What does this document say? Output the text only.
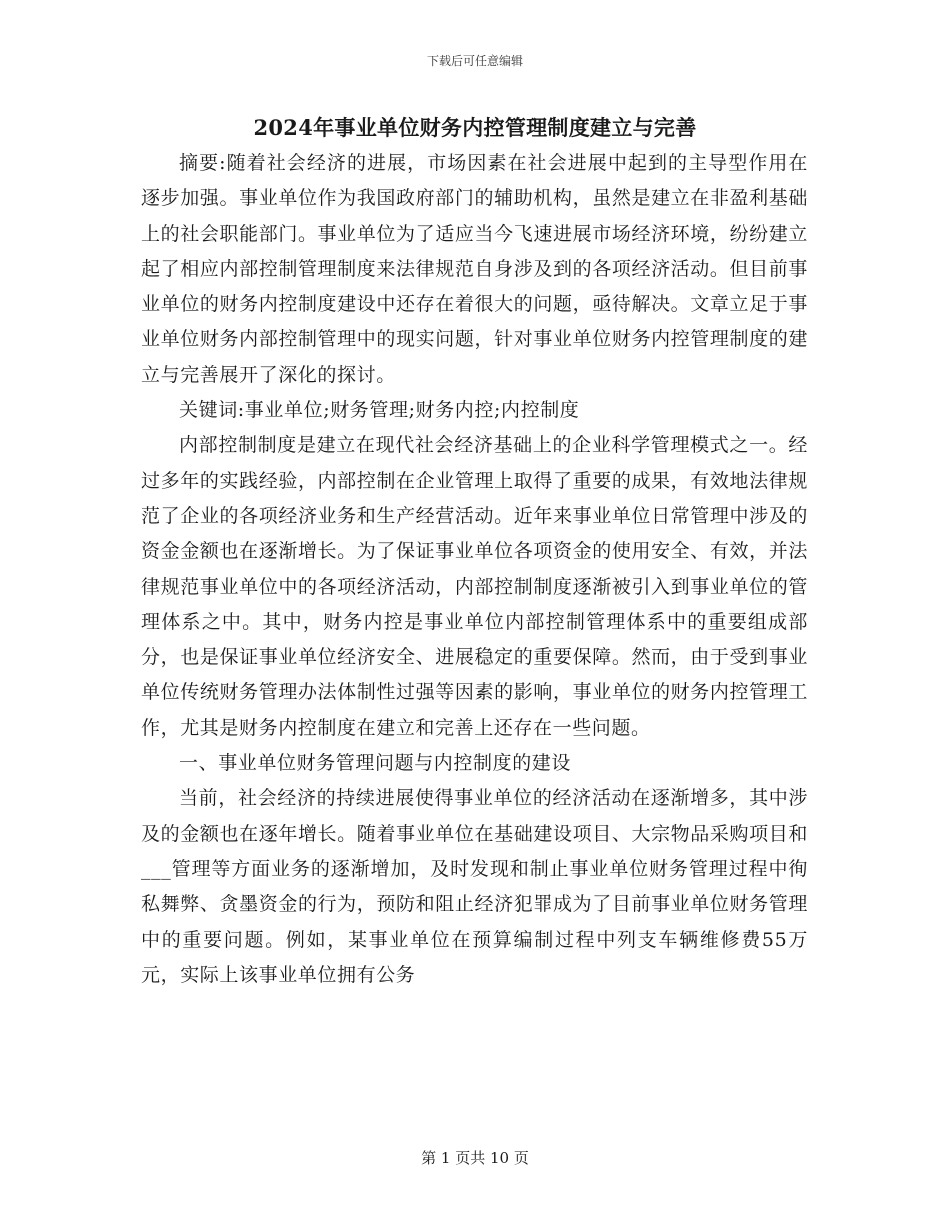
下载后可任意编辑
2024年事业单位财务内控管理制度建立与完善

摘要:随着社会经济的进展，市场因素在社会进展中起到的主导型作用在逐步加强。事业单位作为我国政府部门的辅助机构，虽然是建立在非盈利基础上的社会职能部门。事业单位为了适应当今飞速进展市场经济环境，纷纷建立起了相应内部控制管理制度来法律规范自身涉及到的各项经济活动。但目前事业单位的财务内控制度建设中还存在着很大的问题，亟待解决。文章立足于事业单位财务内部控制管理中的现实问题，针对事业单位财务内控管理制度的建立与完善展开了深化的探讨。

关键词:事业单位;财务管理;财务内控;内控制度

内部控制制度是建立在现代社会经济基础上的企业科学管理模式之一。经过多年的实践经验，内部控制在企业管理上取得了重要的成果，有效地法律规范了企业的各项经济业务和生产经营活动。近年来事业单位日常管理中涉及的资金金额也在逐渐增长。为了保证事业单位各项资金的使用安全、有效，并法律规范事业单位中的各项经济活动，内部控制制度逐渐被引入到事业单位的管理体系之中。其中，财务内控是事业单位内部控制管理体系中的重要组成部分，也是保证事业单位经济安全、进展稳定的重要保障。然而，由于受到事业单位传统财务管理办法体制性过强等因素的影响，事业单位的财务内控管理工作，尤其是财务内控制度在建立和完善上还存在一些问题。

一、事业单位财务管理问题与内控制度的建设

当前，社会经济的持续进展使得事业单位的经济活动在逐渐增多，其中涉及的金额也在逐年增长。随着事业单位在基础建设项目、大宗物品采购项目和___管理等方面业务的逐渐增加，及时发现和制止事业单位财务管理过程中徇私舞弊、贪墨资金的行为，预防和阻止经济犯罪成为了目前事业单位财务管理中的重要问题。例如，某事业单位在预算编制过程中列支车辆维修费55万元，实际上该事业单位拥有公务

第 1 页共 10 页
